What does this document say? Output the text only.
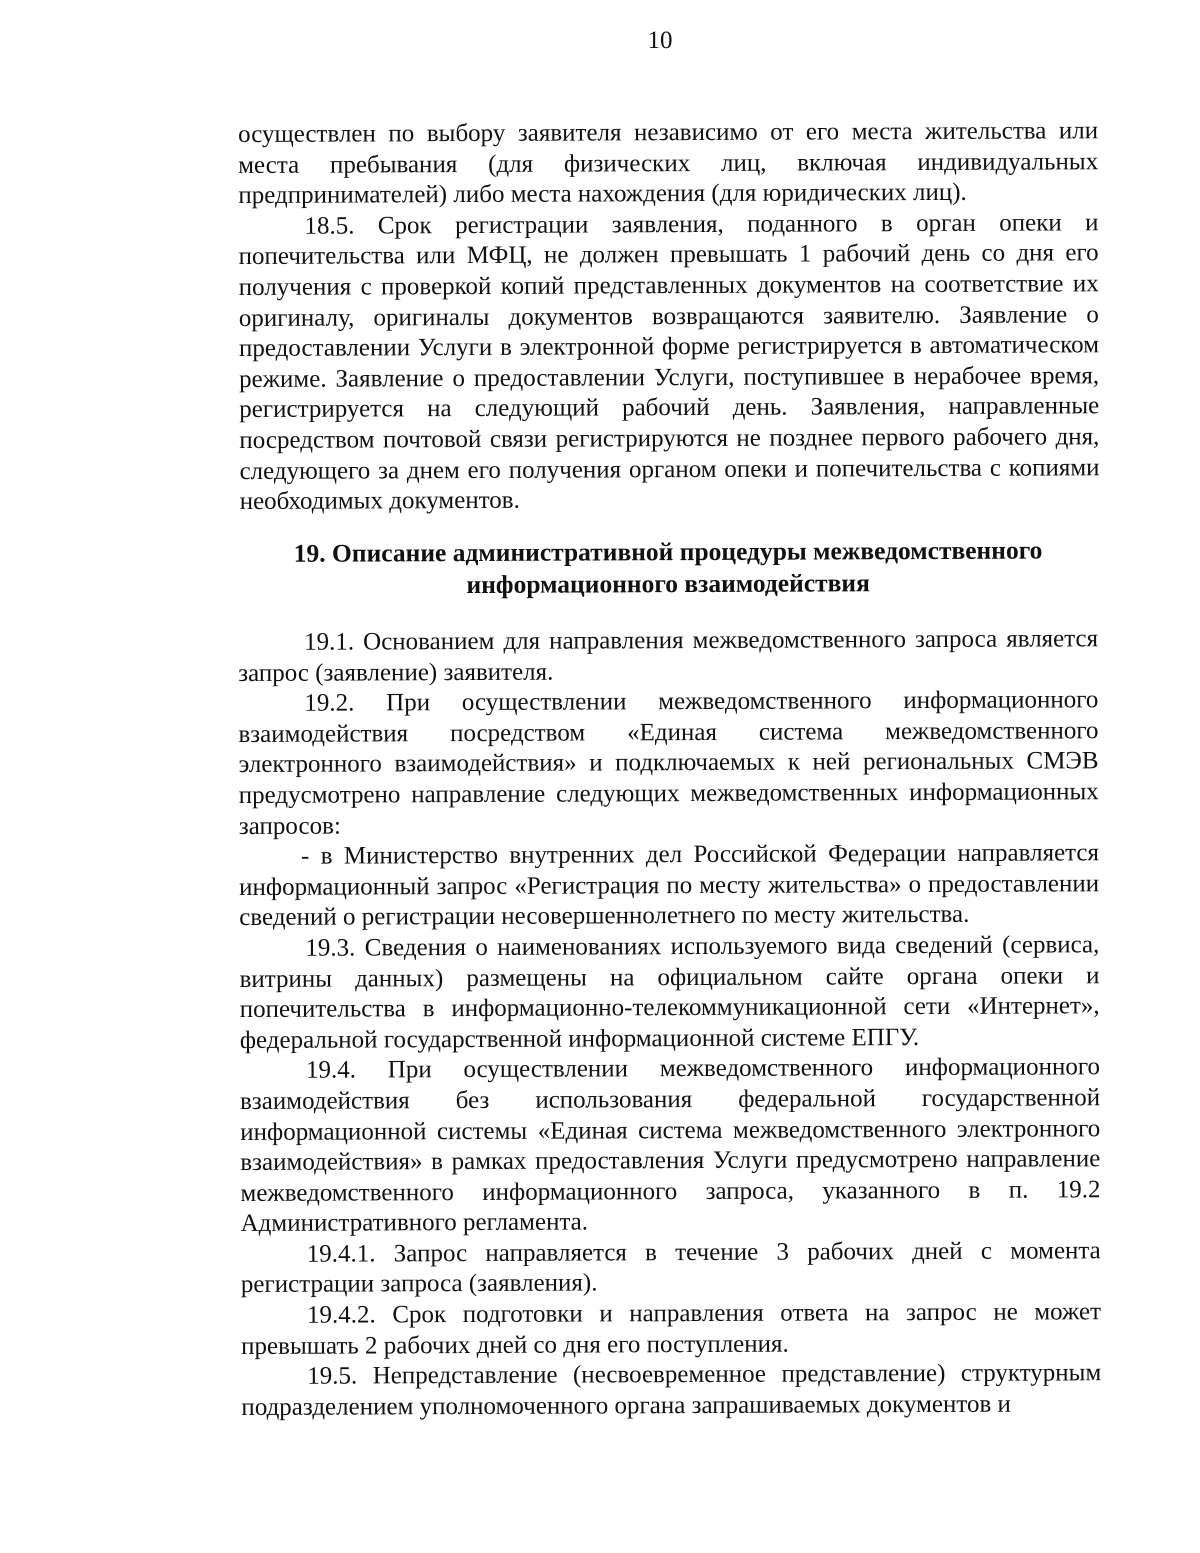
10

осуществлен по выбору заявителя независимо от его места жительства или места пребывания (для физических лиц, включая индивидуальных предпринимателей) либо места нахождения (для юридических лиц).

18.5. Срок регистрации заявления, поданного в орган опеки и попечительства или МФЦ, не должен превышать 1 рабочий день со дня его получения с проверкой копий представленных документов на соответствие их оригиналу, оригиналы документов возвращаются заявителю. Заявление о предоставлении Услуги в электронной форме регистрируется в автоматическом режиме. Заявление о предоставлении Услуги, поступившее в нерабочее время, регистрируется на следующий рабочий день. Заявления, направленные посредством почтовой связи регистрируются не позднее первого рабочего дня, следующего за днем его получения органом опеки и попечительства с копиями необходимых документов.

19. Описание административной процедуры межведомственного

информационного взаимодействия

19.1. Основанием для направления межведомственного запроса является запрос (заявление) заявителя.

19.2. При осуществлении межведомственного информационного взаимодействия посредством «Единая система межведомственного электронного взаимодействия» и подключаемых к ней региональных СМЭВ предусмотрено направление следующих межведомственных информационных запросов:

- в Министерство внутренних дел Российской Федерации направляется информационный запрос «Регистрация по месту жительства» о предоставлении сведений о регистрации несовершеннолетнего по месту жительства.

19.3. Сведения о наименованиях используемого вида сведений (сервиса, витрины данных) размещены на официальном сайте органа опеки и попечительства в информационно-телекоммуникационной сети «Интернет», федеральной государственной информационной системе ЕПГУ.

19.4. При осуществлении межведомственного информационного взаимодействия без использования федеральной государственной информационной системы «Единая система межведомственного электронного взаимодействия» в рамках предоставления Услуги предусмотрено направление межведомственного информационного запроса, указанного в п. 19.2 Административного регламента.

19.4.1. Запрос направляется в течение 3 рабочих дней с момента регистрации запроса (заявления).

19.4.2. Срок подготовки и направления ответа на запрос не может превышать 2 рабочих дней со дня его поступления.

19.5. Непредставление (несвоевременное представление) структурным подразделением уполномоченного органа запрашиваемых документов и
